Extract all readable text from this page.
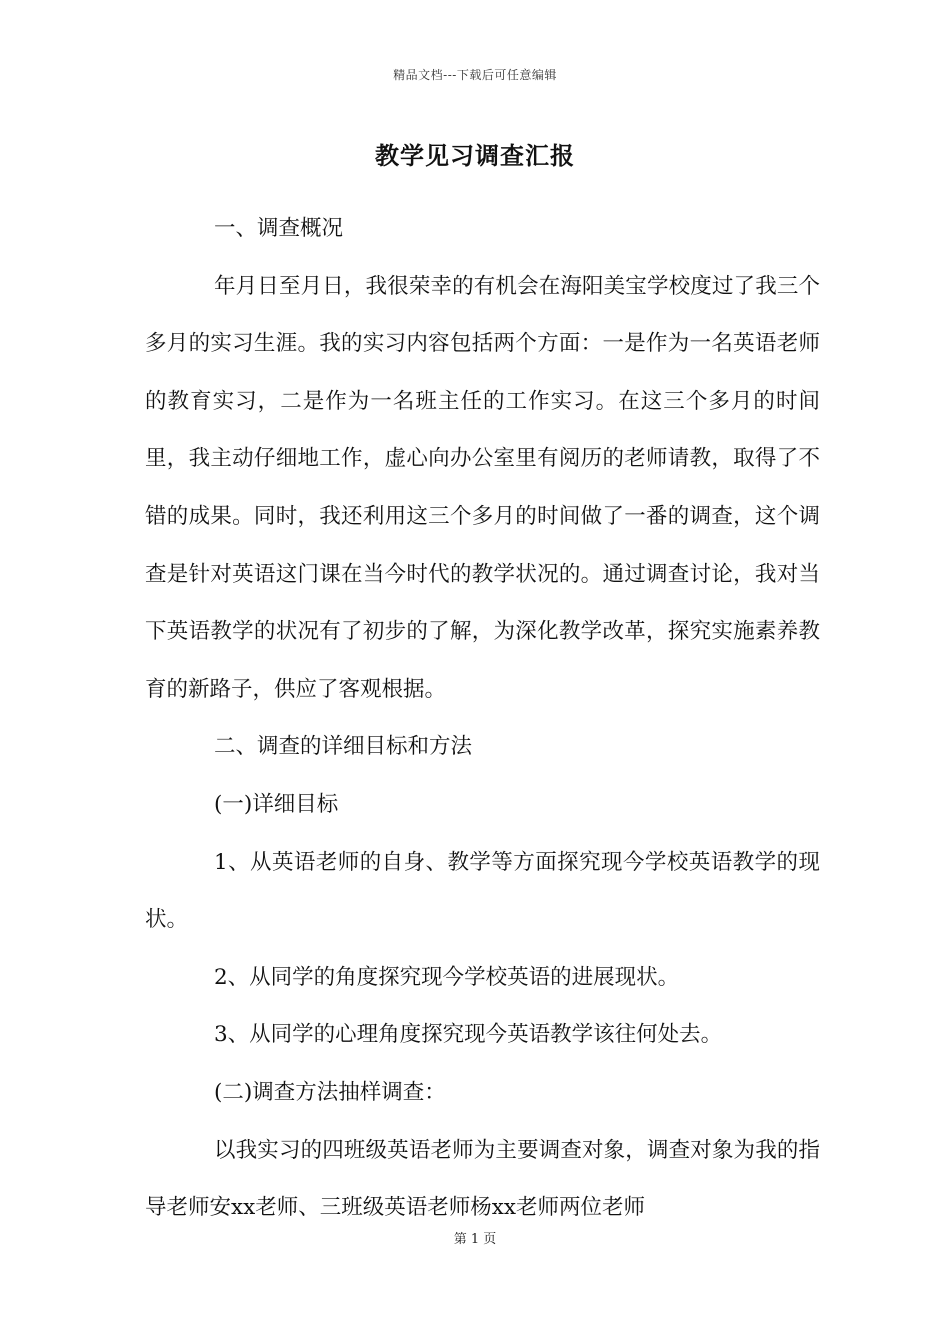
精品文档---下载后可任意编辑
教学见习调查汇报

一、调查概况

年月日至月日，我很荣幸的有机会在海阳美宝学校度过了我三个多月的实习生涯。我的实习内容包括两个方面：一是作为一名英语老师的教育实习，二是作为一名班主任的工作实习。在这三个多月的时间里，我主动仔细地工作，虚心向办公室里有阅历的老师请教，取得了不错的成果。同时，我还利用这三个多月的时间做了一番的调查，这个调查是针对英语这门课在当今时代的教学状况的。通过调查讨论，我对当下英语教学的状况有了初步的了解，为深化教学改革，探究实施素养教育的新路子，供应了客观根据。

二、调查的详细目标和方法

(一)详细目标

1、从英语老师的自身、教学等方面探究现今学校英语教学的现状。

2、从同学的角度探究现今学校英语的进展现状。

3、从同学的心理角度探究现今英语教学该往何处去。

(二)调查方法抽样调查：

以我实习的四班级英语老师为主要调查对象，调查对象为我的指导老师安xx老师、三班级英语老师杨xx老师两位老师

第 1 页
